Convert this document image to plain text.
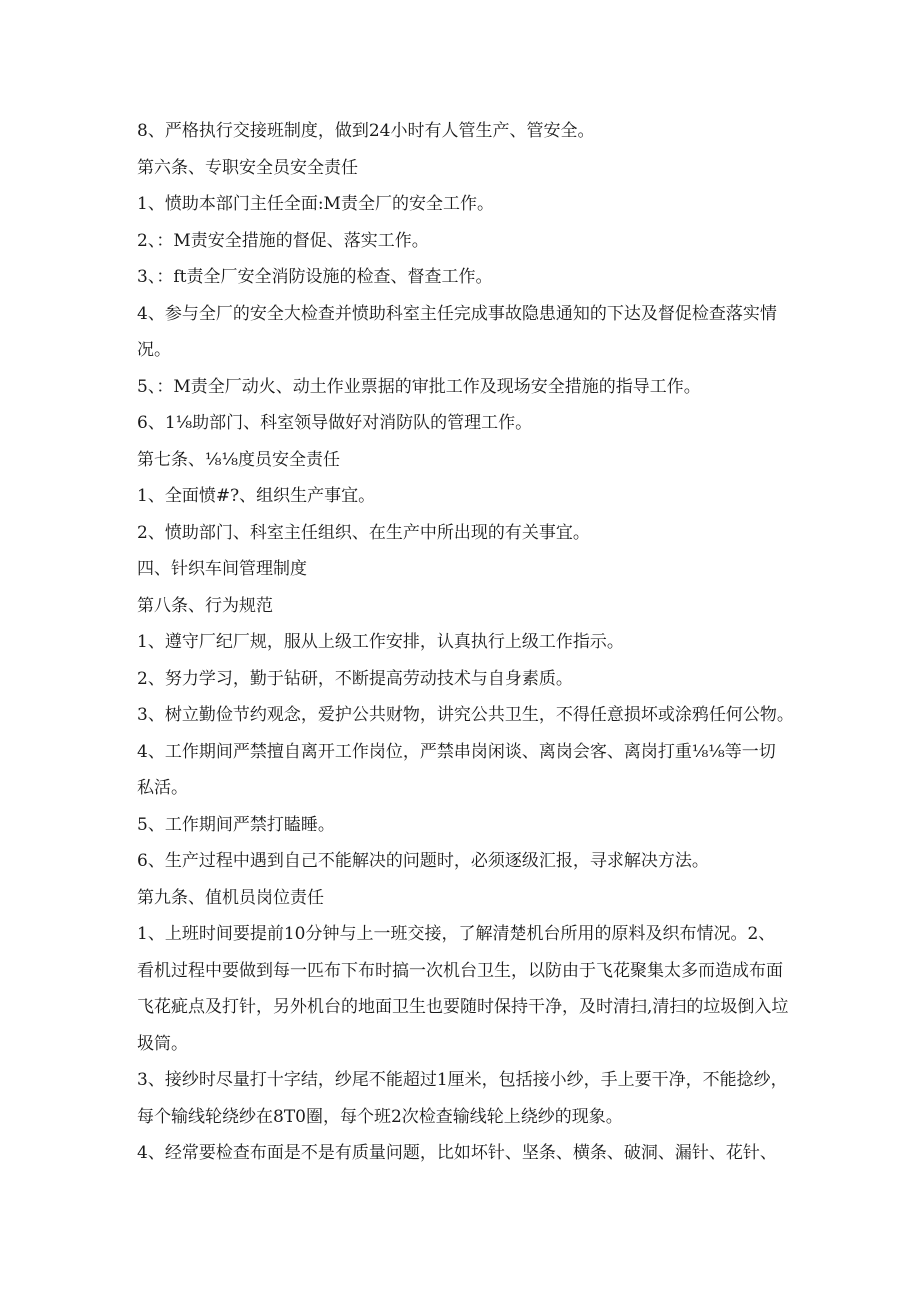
8、严格执行交接班制度，做到24小时有人管生产、管安全。

第六条、专职安全员安全责任

1、愤助本部门主任全面:M责全厂的安全工作。

2、：M责安全措施的督促、落实工作。

3、：ft责全厂安全消防设施的检查、督查工作。

4、参与全厂的安全大检查并愤助科室主任完成事故隐患通知的下达及督促检查落实情

况。

5、：M责全厂动火、动土作业票据的审批工作及现场安全措施的指导工作。

6、1⅛助部门、科室领导做好对消防队的管理工作。

第七条、⅛⅛度员安全责任

1、全面愤#?、组织生产事宜。

2、愤助部门、科室主任组织、在生产中所出现的有关事宜。

四、针织车间管理制度

第八条、行为规范

1、遵守厂纪厂规，服从上级工作安排，认真执行上级工作指示。

2、努力学习，勤于钻研，不断提高劳动技术与自身素质。

3、树立勤俭节约观念，爱护公共财物，讲究公共卫生，不得任意损坏或涂鸦任何公物。

4、工作期间严禁擅自离开工作岗位，严禁串岗闲谈、离岗会客、离岗打重⅛⅛等一切

私活。

5、工作期间严禁打瞌睡。

6、生产过程中遇到自己不能解决的问题时，必须逐级汇报，寻求解决方法。

第九条、值机员岗位责任

1、上班时间要提前10分钟与上一班交接，了解清楚机台所用的原料及织布情况。2、

看机过程中要做到每一匹布下布时搞一次机台卫生，以防由于飞花聚集太多而造成布面

飞花疵点及打针，另外机台的地面卫生也要随时保持干净，及时清扫,清扫的垃圾倒入垃

圾筒。

3、接纱时尽量打十字结，纱尾不能超过1厘米，包括接小纱，手上要干净，不能捻纱，

每个输线轮绕纱在8T0圈，每个班2次检查输线轮上绕纱的现象。

4、经常要检查布面是不是有质量问题，比如坏针、坚条、横条、破洞、漏针、花针、
